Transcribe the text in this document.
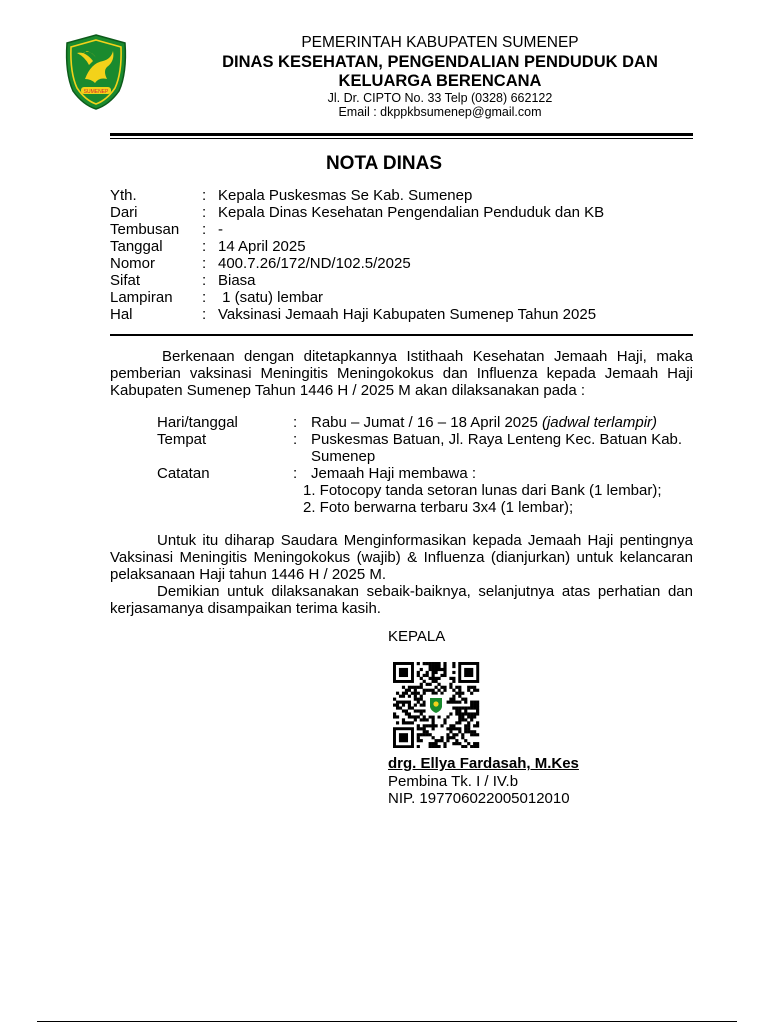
SUMENEP
PEMERINTAH KABUPATEN SUMENEP
DINAS KESEHATAN, PENGENDALIAN PENDUDUK DAN
KELUARGA BERENCANA
Jl. Dr. CIPTO No. 33 Telp (0328) 662122
Email : dkppkbsumenep@gmail.com
NOTA DINAS
Yth.	: Kepala Puskesmas Se Kab. Sumenep
Dari	: Kepala Dinas Kesehatan Pengendalian Penduduk dan KB
Tembusan	: -
Tanggal	: 14 April 2025
Nomor	: 400.7.26/172/ND/102.5/2025
Sifat	: Biasa
Lampiran	: 1 (satu) lembar
Hal	: Vaksinasi Jemaah Haji Kabupaten Sumenep Tahun 2025
Berkenaan dengan ditetapkannya Istithaah Kesehatan Jemaah Haji, maka pemberian vaksinasi Meningitis Meningokokus dan Influenza kepada Jemaah Haji Kabupaten Sumenep Tahun 1446 H / 2025 M akan dilaksanakan pada :
Hari/tanggal	: Rabu – Jumat / 16 – 18 April 2025 (jadwal terlampir)
Tempat	: Puskesmas Batuan, Jl. Raya Lenteng Kec. Batuan Kab. Sumenep
Catatan	: Jemaah Haji membawa :
1. Fotocopy tanda setoran lunas dari Bank (1 lembar);
2. Foto berwarna terbaru 3x4 (1 lembar);
Untuk itu diharap Saudara Menginformasikan kepada Jemaah Haji pentingnya Vaksinasi Meningitis Meningokokus (wajib) & Influenza (dianjurkan) untuk kelancaran pelaksanaan Haji tahun 1446 H / 2025 M.
Demikian untuk dilaksanakan sebaik-baiknya, selanjutnya atas perhatian dan kerjasamanya disampaikan terima kasih.
KEPALA
drg. Ellya Fardasah, M.Kes
Pembina Tk. I / IV.b
NIP. 197706022005012010
